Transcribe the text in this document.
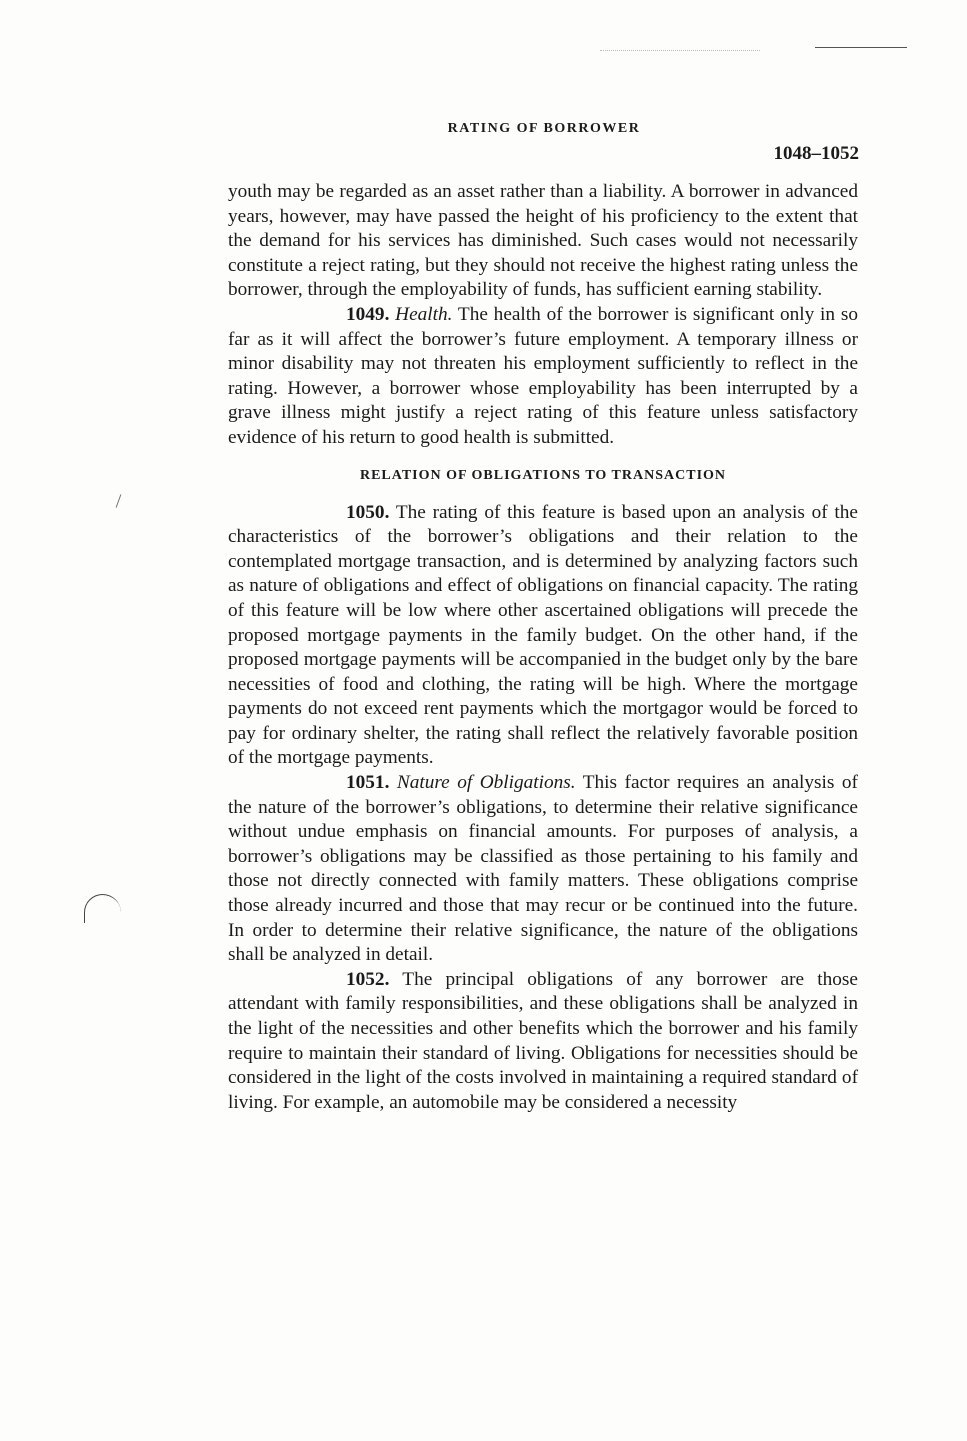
RATING OF BORROWER
1048–1052

youth may be regarded as an asset rather than a liability. A borrower in advanced years, however, may have passed the height of his proficiency to the extent that the demand for his services has diminished. Such cases would not necessarily constitute a reject rating, but they should not receive the highest rating unless the borrower, through the employability of funds, has sufficient earning stability.

1049. Health. The health of the borrower is significant only in so far as it will affect the borrower’s future employment. A temporary illness or minor disability may not threaten his employment sufficiently to reflect in the rating. However, a borrower whose employability has been interrupted by a grave illness might justify a reject rating of this feature unless satisfactory evidence of his return to good health is submitted.

RELATION OF OBLIGATIONS TO TRANSACTION

1050. The rating of this feature is based upon an analysis of the characteristics of the borrower’s obligations and their relation to the contemplated mortgage transaction, and is determined by analyzing factors such as nature of obligations and effect of obligations on financial capacity. The rating of this feature will be low where other ascertained obligations will precede the proposed mortgage payments in the family budget. On the other hand, if the proposed mortgage payments will be accompanied in the budget only by the bare necessities of food and clothing, the rating will be high. Where the mortgage payments do not exceed rent payments which the mortgagor would be forced to pay for ordinary shelter, the rating shall reflect the relatively favorable position of the mortgage payments.

1051. Nature of Obligations. This factor requires an analysis of the nature of the borrower’s obligations, to determine their relative significance without undue emphasis on financial amounts. For purposes of analysis, a borrower’s obligations may be classified as those pertaining to his family and those not directly connected with family matters. These obligations comprise those already incurred and those that may recur or be continued into the future. In order to determine their relative significance, the nature of the obligations shall be analyzed in detail.

1052. The principal obligations of any borrower are those attendant with family responsibilities, and these obligations shall be analyzed in the light of the necessities and other benefits which the borrower and his family require to maintain their standard of living. Obligations for necessities should be considered in the light of the costs involved in maintaining a required standard of living. For example, an automobile may be considered a necessity
